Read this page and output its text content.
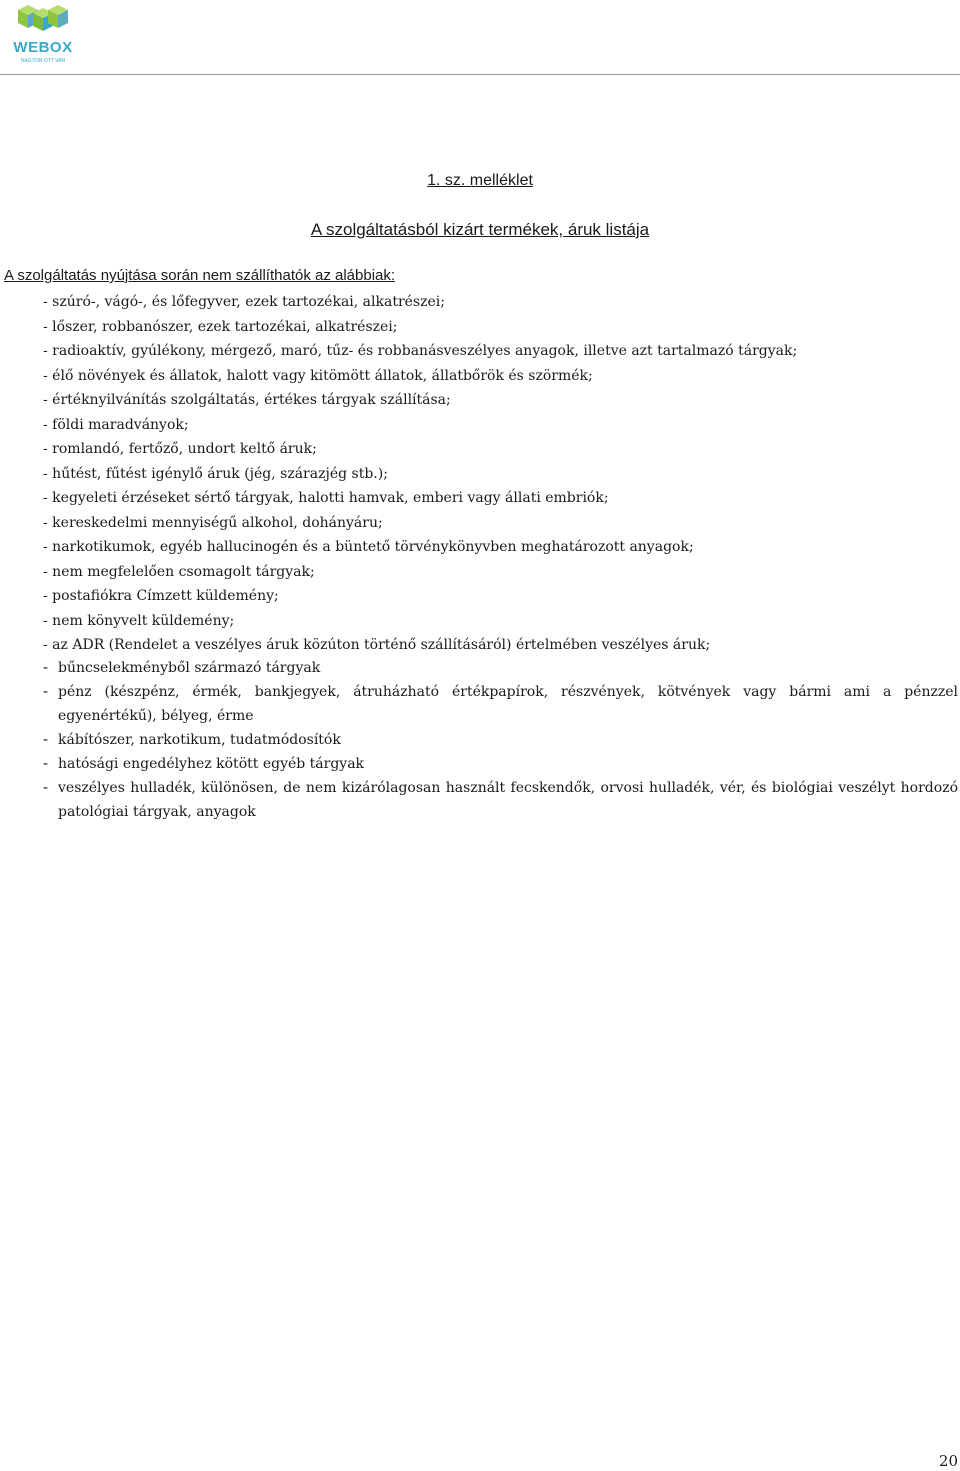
WEBOX
NAGYON OTT VAN
1. sz. melléklet
A szolgáltatásból kizárt termékek, áruk listája
A szolgáltatás nyújtása során nem szállíthatók az alábbiak:
- szúró-, vágó-, és lőfegyver, ezek tartozékai, alkatrészei;
- lőszer, robbanószer, ezek tartozékai, alkatrészei;
- radioaktív, gyúlékony, mérgező, maró, tűz- és robbanásveszélyes anyagok, illetve azt tartalmazó tárgyak;
- élő növények és állatok, halott vagy kitömött állatok, állatbőrök és szörmék;
- értéknyilvánítás szolgáltatás, értékes tárgyak szállítása;
- földi maradványok;
- romlandó, fertőző, undort keltő áruk;
- hűtést, fűtést igénylő áruk (jég, szárazjég stb.);
- kegyeleti érzéseket sértő tárgyak, halotti hamvak, emberi vagy állati embriók;
- kereskedelmi mennyiségű alkohol, dohányáru;
- narkotikumok, egyéb hallucinogén és a büntető törvénykönyvben meghatározott anyagok;
- nem megfelelően csomagolt tárgyak;
- postafiókra Címzett küldemény;
- nem könyvelt küldemény;
- az ADR (Rendelet a veszélyes áruk közúton történő szállításáról) értelmében veszélyes áruk;
- bűncselekményből származó tárgyak
- pénz (készpénz, érmék, bankjegyek, átruházható értékpapírok, részvények, kötvények vagy bármi ami a pénzzel egyenértékű), bélyeg, érme
- kábítószer, narkotikum, tudatmódosítók
- hatósági engedélyhez kötött egyéb tárgyak
- veszélyes hulladék, különösen, de nem kizárólagosan használt fecskendők, orvosi hulladék, vér, és biológiai veszélyt hordozó patológiai tárgyak, anyagok
20
